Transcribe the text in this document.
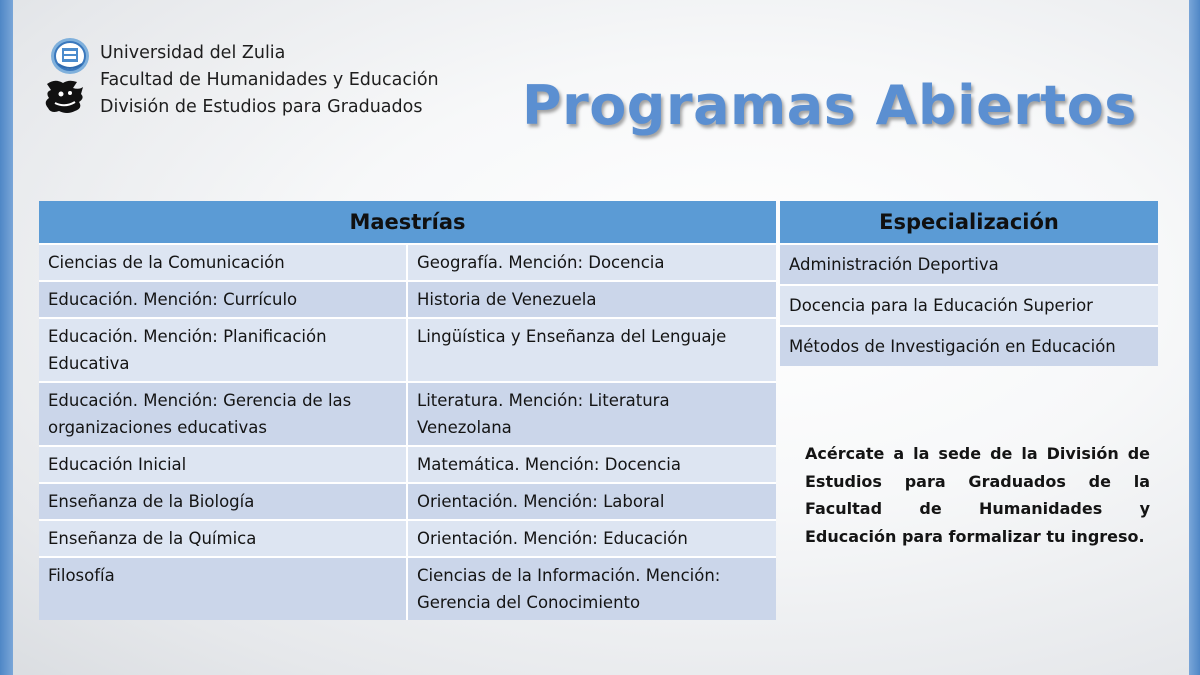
Universidad del Zulia
Facultad de Humanidades y Educación
División de Estudios para Graduados Programas Abiertos
Maestrías	
Ciencias de la Comunicación	Geografía. Mención: Docencia
Educación. Mención: Currículo	Historia de Venezuela
Educación. Mención: Planificación Educativa	Lingüística y Enseñanza del Lenguaje
Educación. Mención: Gerencia de las organizaciones educativas	Literatura. Mención: Literatura Venezolana
Educación Inicial	Matemática. Mención: Docencia
Enseñanza de la Biología	Orientación. Mención: Laboral
Enseñanza de la Química	Orientación. Mención: Educación
Filosofía	Ciencias de la Información. Mención: Gerencia del Conocimiento
Especialización
Administración Deportiva
Docencia para la Educación Superior
Métodos de Investigación en Educación
Acércate a la sede de la División de Estudios para Graduados de la Facultad de Humanidades y Educación para formalizar tu ingreso.
